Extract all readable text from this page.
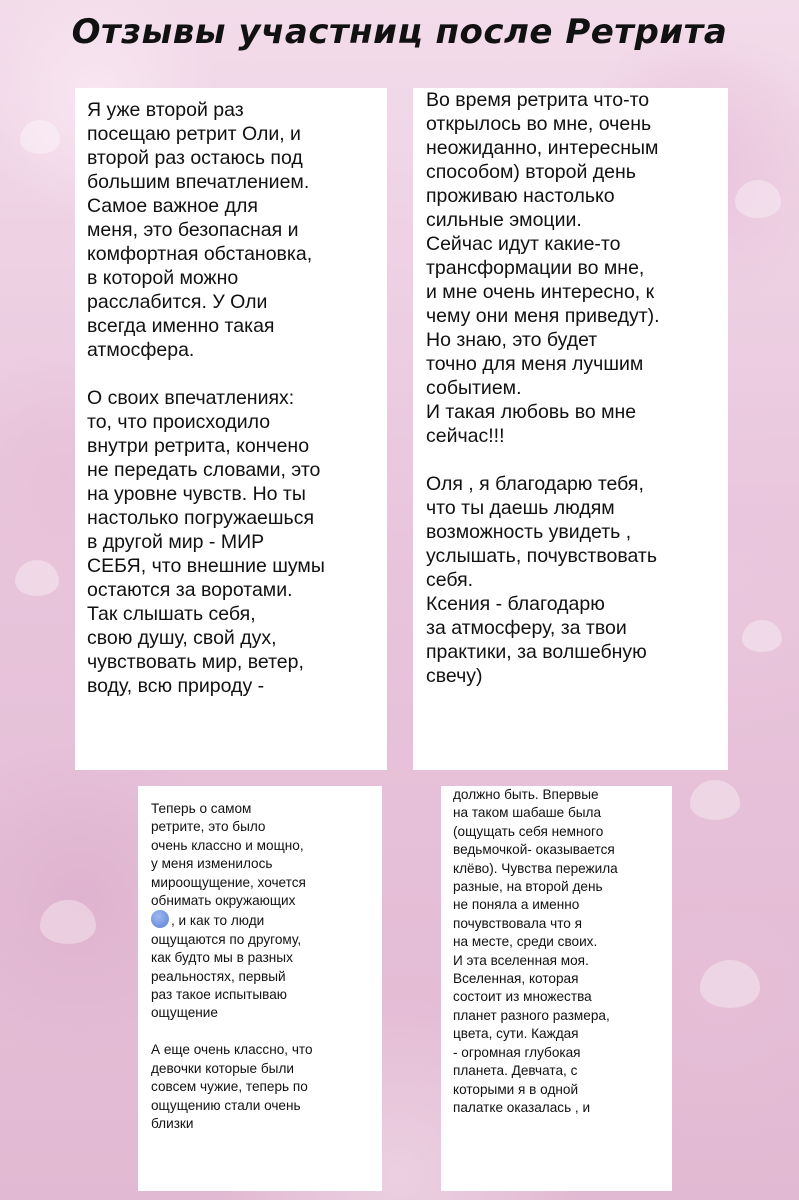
Отзывы участниц после Ретрита
Я уже второй раз
посещаю ретрит Оли, и
второй раз остаюсь под
большим впечатлением.
Самое важное для
меня, это безопасная и
комфортная обстановка,
в которой можно
расслабится. У Оли
всегда именно такая
атмосфера.

О своих впечатлениях:
то, что происходило
внутри ретрита, кончено
не передать словами, это
на уровне чувств. Но ты
настолько погружаешься
в другой мир - МИР
СЕБЯ, что внешние шумы
остаются за воротами.
Так слышать себя,
свою душу, свой дух,
чувствовать мир, ветер,
воду, всю природу -
Во время ретрита что-то
открылось во мне, очень
неожиданно, интересным
способом) второй день
проживаю настолько
сильные эмоции.
Сейчас идут какие-то
трансформации во мне,
и мне очень интересно, к
чему они меня приведут).
Но знаю, это будет
точно для меня лучшим
событием.
И такая любовь во мне
сейчас!!!

Оля , я благодарю тебя,
что ты даешь людям
возможность увидеть ,
услышать, почувствовать
себя.
Ксения - благодарю
за атмосферу, за твои
практики, за волшебную
свечу)
Теперь о самом
ретрите, это было
очень классно и мощно,
у меня изменилось
мироощущение, хочется
обнимать окружающих
, и как то люди
ощущаются по другому,
как будто мы в разных
реальностях, первый
раз такое испытываю
ощущение

А еще очень классно, что
девочки которые были
совсем чужие, теперь по
ощущению стали очень
близки
должно быть. Впервые
на таком шабаше была
(ощущать себя немного
ведьмочкой- оказывается
клёво). Чувства пережила
разные, на второй день
не поняла а именно
почувствовала что я
на месте, среди своих.
И эта вселенная моя.
Вселенная, которая
состоит из множества
планет разного размера,
цвета, сути. Каждая
- огромная глубокая
планета. Девчата, с
которыми я в одной
палатке оказалась , и
